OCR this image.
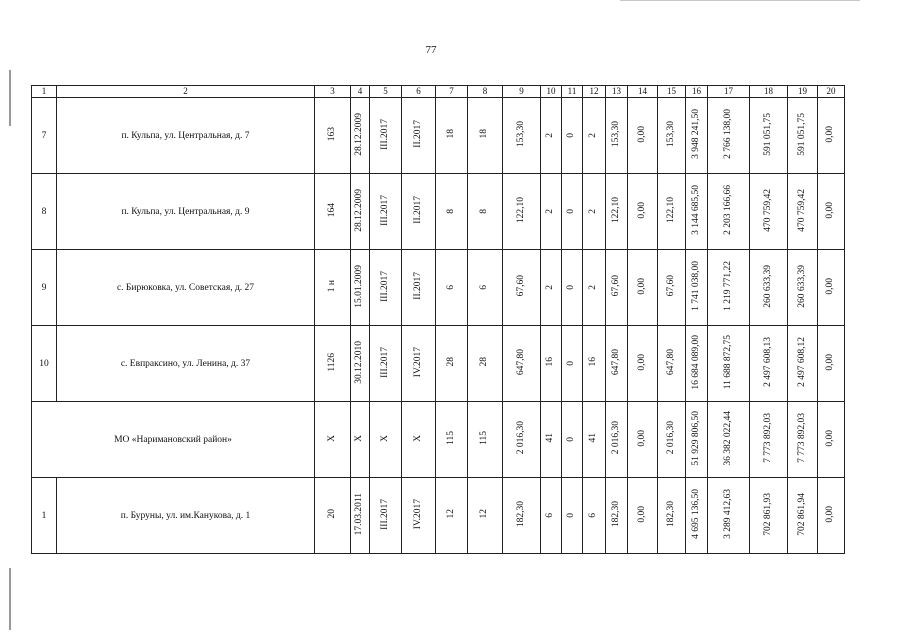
77
1	2	3	4	5	6	7	8	9	10	11	12	13	14	15	16	17	18	19	20
7	п. Кульпа, ул. Центральная, д. 7	163	28.12.2009	III.2017	II.2017	18	18	153,30	2	0	2	153,30	0,00	153,30	3 948 241,50	2 766 138,00	591 051,75	591 051,75	0,00
8	п. Кульпа, ул. Центральная, д. 9	164	28.12.2009	III.2017	II.2017	8	8	122,10	2	0	2	122,10	0,00	122,10	3 144 685,50	2 203 166,66	470 759,42	470 759,42	0,00
9	с. Бирюковка, ул. Советская, д. 27	1 н	15.01.2009	III.2017	II.2017	6	6	67,60	2	0	2	67,60	0,00	67,60	1 741 038,00	1 219 771,22	260 633,39	260 633,39	0,00
10	с. Евпраксино, ул. Ленина, д. 37	1126	30.12.2010	III.2017	IV.2017	28	28	647,80	16	0	16	647,80	0,00	647,80	16 684 089,00	11 688 872,75	2 497 608,13	2 497 608,12	0,00
МО «Наримановский район»		X	X	X	X	115	115	2 016,30	41	0	41	2 016,30	0,00	2 016,30	51 929 806,50	36 382 022,44	7 773 892,03	7 773 892,03	0,00
1	п. Буруны, ул. им.Канукова, д. 1	20	17.03.2011	III.2017	IV.2017	12	12	182,30	6	0	6	182,30	0,00	182,30	4 695 136,50	3 289 412,63	702 861,93	702 861,94	0,00
